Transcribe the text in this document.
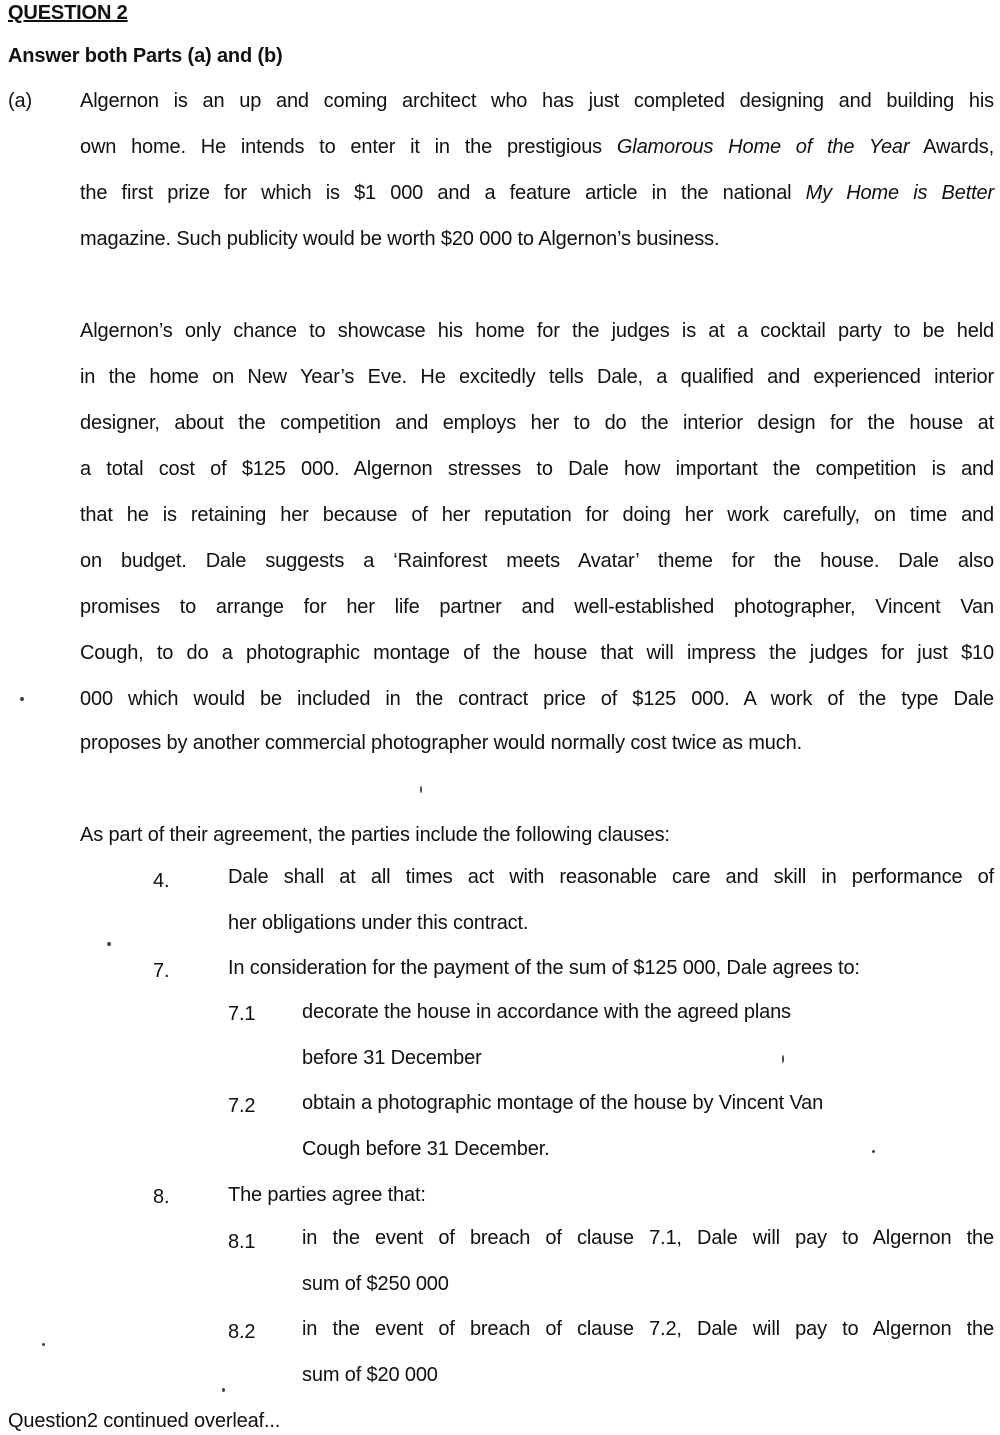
QUESTION 2
Answer both Parts (a) and (b)
(a) Algernon is an up and coming architect who has just completed designing and building his
own home. He intends to enter it in the prestigious Glamorous Home of the Year Awards,
the first prize for which is $1 000 and a feature article in the national My Home is Better
magazine. Such publicity would be worth $20 000 to Algernon’s business.
Algernon’s only chance to showcase his home for the judges is at a cocktail party to be held
in the home on New Year’s Eve. He excitedly tells Dale, a qualified and experienced interior
designer, about the competition and employs her to do the interior design for the house at
a total cost of $125 000. Algernon stresses to Dale how important the competition is and
that he is retaining her because of her reputation for doing her work carefully, on time and
on budget. Dale suggests a ‘Rainforest meets Avatar’ theme for the house. Dale also
promises to arrange for her life partner and well-established photographer, Vincent Van
Cough, to do a photographic montage of the house that will impress the judges for just $10
000 which would be included in the contract price of $125 000. A work of the type Dale
proposes by another commercial photographer would normally cost twice as much.
As part of their agreement, the parties include the following clauses:
4.	Dale shall at all times act with reasonable care and skill in performance of
her obligations under this contract.
7.	In consideration for the payment of the sum of $125 000, Dale agrees to:
7.1 decorate the house in accordance with the agreed plans
before 31 December
7.2 obtain a photographic montage of the house by Vincent Van
Cough before 31 December.
8.	The parties agree that:
8.1 in the event of breach of clause 7.1, Dale will pay to Algernon the
sum of $250 000
8.2 in the event of breach of clause 7.2, Dale will pay to Algernon the
sum of $20 000
Question2 continued overleaf...
